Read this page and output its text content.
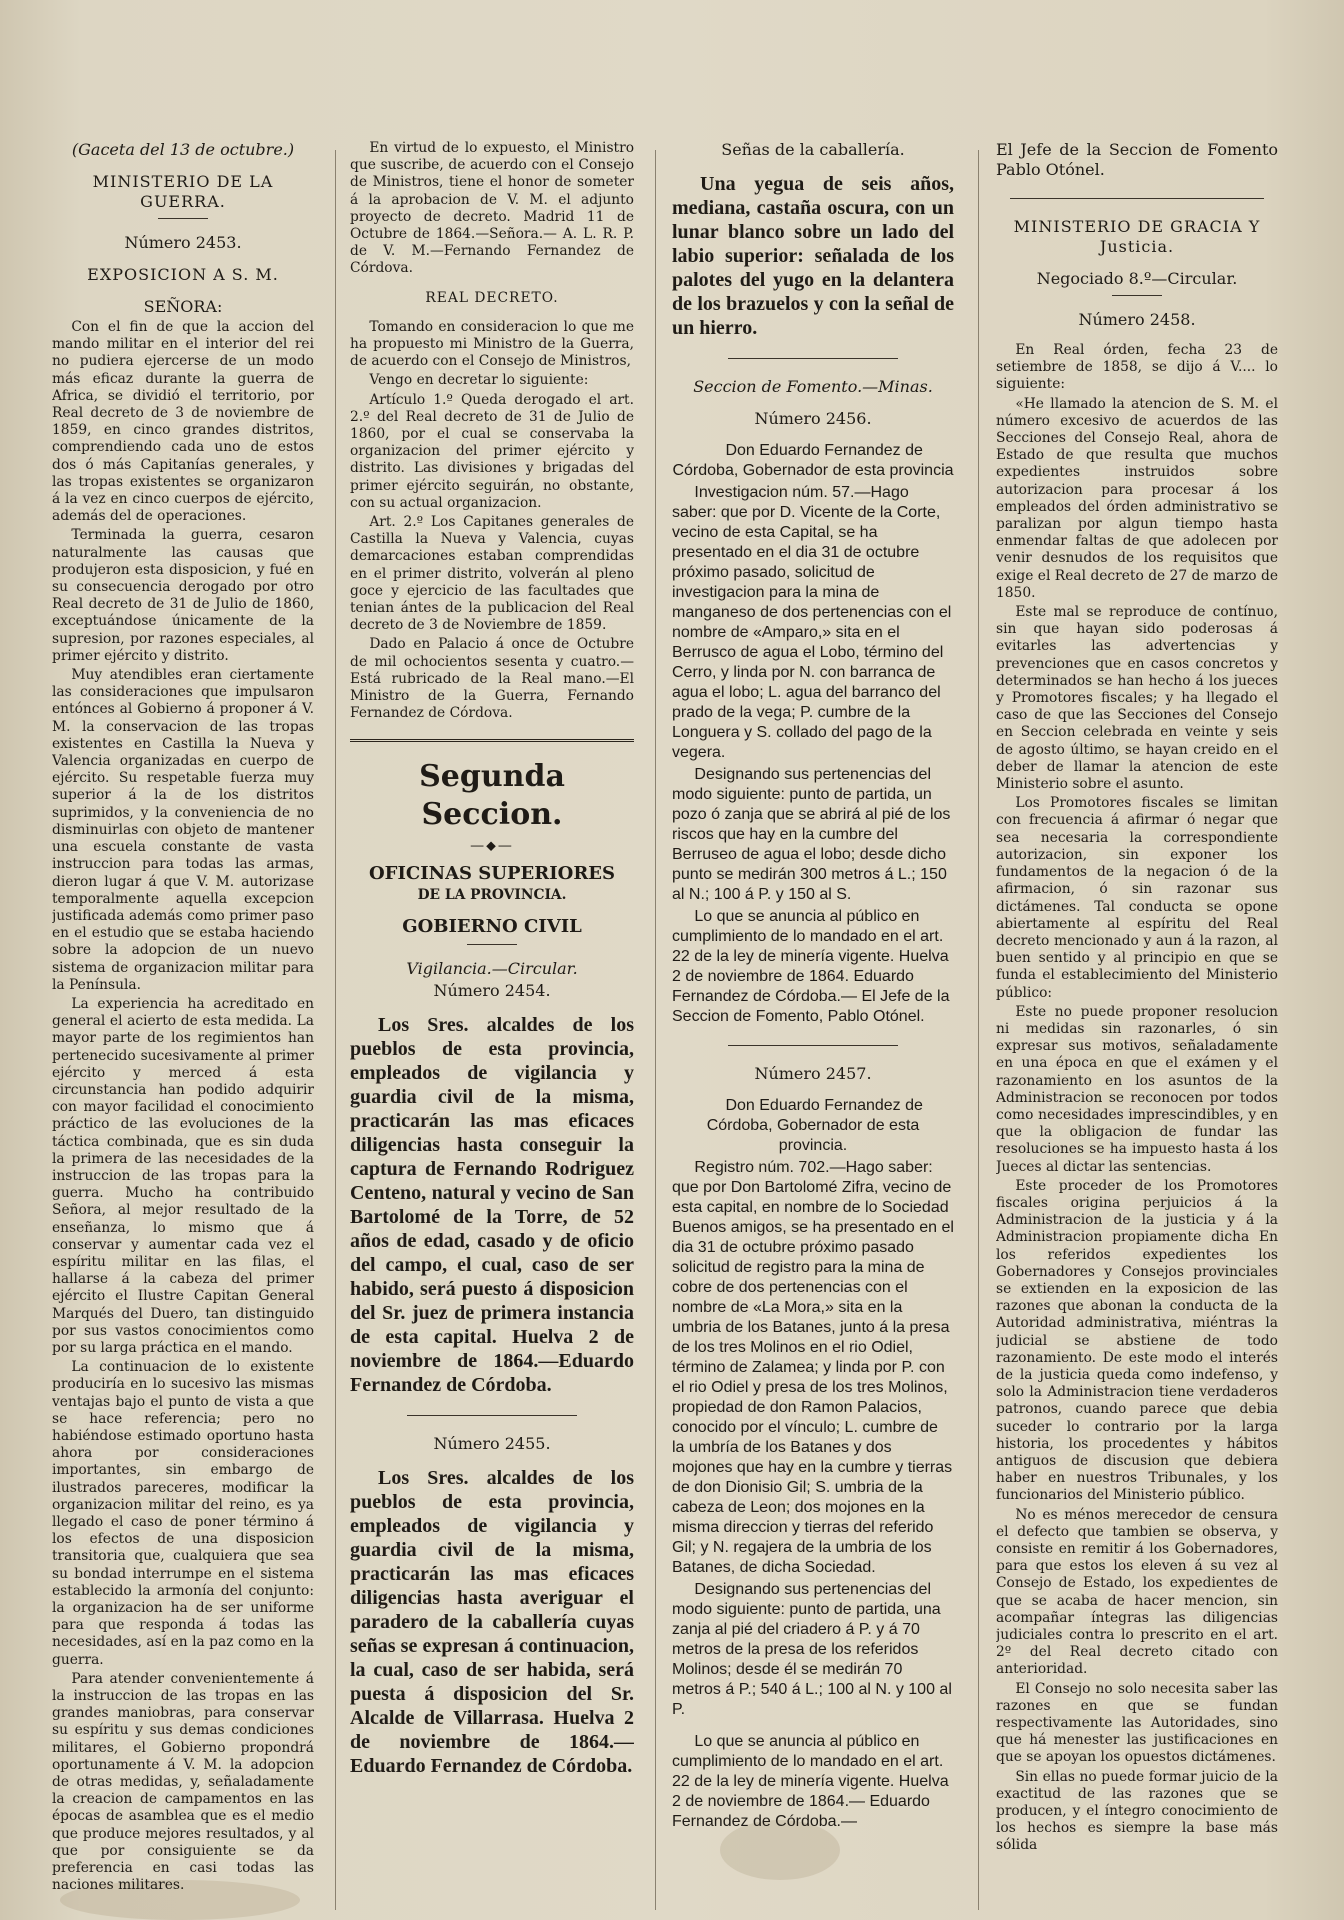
(Gaceta del 13 de octubre.)

MINISTERIO DE LA GUERRA.

Número 2453.

EXPOSICION A S. M.

SEÑORA:

Con el fin de que la accion del mando militar en el interior del rei no pudiera ejercerse de un modo más eficaz durante la guerra de Africa, se dividió el territorio, por Real decreto de 3 de noviembre de 1859, en cinco grandes distritos, comprendiendo cada uno de estos dos ó más Capitanías generales, y las tropas existentes se organizaron á la vez en cinco cuerpos de ejército, además del de operaciones.

Terminada la guerra, cesaron naturalmente las causas que produjeron esta disposicion, y fué en su consecuencia derogado por otro Real decreto de 31 de Julio de 1860, exceptuándose únicamente de la supresion, por razones especiales, al primer ejército y distrito.

Muy atendibles eran ciertamente las consideraciones que impulsaron entónces al Gobierno á proponer á V. M. la conservacion de las tropas existentes en Castilla la Nueva y Valencia organizadas en cuerpo de ejército. Su respetable fuerza muy superior á la de los distritos suprimidos, y la conveniencia de no disminuirlas con objeto de mantener una escuela constante de vasta instruccion para todas las armas, dieron lugar á que V. M. autorizase temporalmente aquella excepcion justificada además como primer paso en el estudio que se estaba haciendo sobre la adopcion de un nuevo sistema de organizacion militar para la Península.

La experiencia ha acreditado en general el acierto de esta medida. La mayor parte de los regimientos han pertenecido sucesivamente al primer ejército y merced á esta circunstancia han podido adquirir con mayor facilidad el conocimiento práctico de las evoluciones de la táctica combinada, que es sin duda la primera de las necesidades de la instruccion de las tropas para la guerra. Mucho ha contribuido Señora, al mejor resultado de la enseñanza, lo mismo que á conservar y aumentar cada vez el espíritu militar en las filas, el hallarse á la cabeza del primer ejército el Ilustre Capitan General Marqués del Duero, tan distinguido por sus vastos conocimientos como por su larga práctica en el mando.

La continuacion de lo existente produciría en lo sucesivo las mismas ventajas bajo el punto de vista a que se hace referencia; pero no habiéndose estimado oportuno hasta ahora por consideraciones importantes, sin embargo de ilustrados pareceres, modificar la organizacion militar del reino, es ya llegado el caso de poner término á los efectos de una disposicion transitoria que, cualquiera que sea su bondad interrumpe en el sistema establecido la armonía del conjunto: la organizacion ha de ser uniforme para que responda á todas las necesidades, así en la paz como en la guerra.

Para atender convenientemente á la instruccion de las tropas en las grandes maniobras, para conservar su espíritu y sus demas condiciones militares, el Gobierno propondrá oportunamente á V. M. la adopcion de otras medidas, y, señaladamente la creacion de campamentos en las épocas de asamblea que es el medio que produce mejores resultados, y al que por consiguiente se da preferencia en casi todas las naciones militares.

En virtud de lo expuesto, el Ministro que suscribe, de acuerdo con el Consejo de Ministros, tiene el honor de someter á la aprobacion de V. M. el adjunto proyecto de decreto. Madrid 11 de Octubre de 1864.—Señora.— A. L. R. P. de V. M.—Fernando Fernandez de Córdova.

REAL DECRETO.

Tomando en consideracion lo que me ha propuesto mi Ministro de la Guerra, de acuerdo con el Consejo de Ministros,

Vengo en decretar lo siguiente:

Artículo 1.º Queda derogado el art. 2.º del Real decreto de 31 de Julio de 1860, por el cual se conservaba la organizacion del primer ejército y distrito. Las divisiones y brigadas del primer ejército seguirán, no obstante, con su actual organizacion.

Art. 2.º Los Capitanes generales de Castilla la Nueva y Valencia, cuyas demarcaciones estaban comprendidas en el primer distrito, volverán al pleno goce y ejercicio de las facultades que tenian ántes de la publicacion del Real decreto de 3 de Noviembre de 1859.

Dado en Palacio á once de Octubre de mil ochocientos sesenta y cuatro.— Está rubricado de la Real mano.—El Ministro de la Guerra, Fernando Fernandez de Córdova.

Segunda Seccion.
—⬥—

OFICINAS SUPERIORES

DE LA PROVINCIA.

GOBIERNO CIVIL

Vigilancia.—Circular.

Número 2454.

Los Sres. alcaldes de los pueblos de esta provincia, empleados de vigilancia y guardia civil de la misma, practicarán las mas eficaces diligencias hasta conseguir la captura de Fernando Rodriguez Centeno, natural y vecino de San Bartolomé de la Torre, de 52 años de edad, casado y de oficio del campo, el cual, caso de ser habido, será puesto á disposicion del Sr. juez de primera instancia de esta capital. Huelva 2 de noviembre de 1864.—Eduardo Fernandez de Córdoba.

Número 2455.

Los Sres. alcaldes de los pueblos de esta provincia, empleados de vigilancia y guardia civil de la misma, practicarán las mas eficaces diligencias hasta averiguar el paradero de la caballería cuyas señas se expresan á continuacion, la cual, caso de ser habida, será puesta á disposicion del Sr. Alcalde de Villarrasa. Huelva 2 de noviembre de 1864.—Eduardo Fernandez de Córdoba.

Señas de la caballería.

Una yegua de seis años, mediana, castaña oscura, con un lunar blanco sobre un lado del labio superior: señalada de los palotes del yugo en la delantera de los brazuelos y con la señal de un hierro.

Seccion de Fomento.—Minas.

Número 2456.

Don Eduardo Fernandez de Córdoba, Gobernador de esta provincia

Investigacion núm. 57.—Hago saber: que por D. Vicente de la Corte, vecino de esta Capital, se ha presentado en el dia 31 de octubre próximo pasado, solicitud de investigacion para la mina de manganeso de dos pertenencias con el nombre de «Amparo,» sita en el Berrusco de agua el Lobo, término del Cerro, y linda por N. con barranca de agua el lobo; L. agua del barranco del prado de la vega; P. cumbre de la Longuera y S. collado del pago de la vegera.

Designando sus pertenencias del modo siguiente: punto de partida, un pozo ó zanja que se abrirá al pié de los riscos que hay en la cumbre del Berruseo de agua el lobo; desde dicho punto se medirán 300 metros á L.; 150 al N.; 100 á P. y 150 al S.

Lo que se anuncia al público en cumplimiento de lo mandado en el art. 22 de la ley de minería vigente. Huelva 2 de noviembre de 1864. Eduardo Fernandez de Córdoba.— El Jefe de la Seccion de Fomento, Pablo Otónel.

Número 2457.

Don Eduardo Fernandez de Córdoba, Gobernador de esta provincia.

Registro núm. 702.—Hago saber: que por Don Bartolomé Zifra, vecino de esta capital, en nombre de lo Sociedad Buenos amigos, se ha presentado en el dia 31 de octubre próximo pasado solicitud de registro para la mina de cobre de dos pertenencias con el nombre de «La Mora,» sita en la umbria de los Batanes, junto á la presa de los tres Molinos en el rio Odiel, término de Zalamea; y linda por P. con el rio Odiel y presa de los tres Molinos, propiedad de don Ramon Palacios, conocido por el vínculo; L. cumbre de la umbría de los Batanes y dos mojones que hay en la cumbre y tierras de don Dionisio Gil; S. umbria de la cabeza de Leon; dos mojones en la misma direccion y tierras del referido Gil; y N. regajera de la umbria de los Batanes, de dicha Sociedad.

Designando sus pertenencias del modo siguiente: punto de partida, una zanja al pié del criadero á P. y á 70 metros de la presa de los referidos Molinos; desde él se medirán 70 metros á P.; 540 á L.; 100 al N. y 100 al P.

Lo que se anuncia al público en cumplimiento de lo mandado en el art. 22 de la ley de minería vigente. Huelva 2 de noviembre de 1864.— Eduardo Fernandez de Córdoba.—

El Jefe de la Seccion de Fomento Pablo Otónel.

MINISTERIO DE GRACIA Y Justicia.

Negociado 8.º—Circular.

Número 2458.

En Real órden, fecha 23 de setiembre de 1858, se dijo á V.... lo siguiente:

«He llamado la atencion de S. M. el número excesivo de acuerdos de las Secciones del Consejo Real, ahora de Estado de que resulta que muchos expedientes instruidos sobre autorizacion para procesar á los empleados del órden administrativo se paralizan por algun tiempo hasta enmendar faltas de que adolecen por venir desnudos de los requisitos que exige el Real decreto de 27 de marzo de 1850.

Este mal se reproduce de contínuo, sin que hayan sido poderosas á evitarles las advertencias y prevenciones que en casos concretos y determinados se han hecho á los jueces y Promotores fiscales; y ha llegado el caso de que las Secciones del Consejo en Seccion celebrada en veinte y seis de agosto último, se hayan creido en el deber de llamar la atencion de este Ministerio sobre el asunto.

Los Promotores fiscales se limitan con frecuencia á afirmar ó negar que sea necesaria la correspondiente autorizacion, sin exponer los fundamentos de la negacion ó de la afirmacion, ó sin razonar sus dictámenes. Tal conducta se opone abiertamente al espíritu del Real decreto mencionado y aun á la razon, al buen sentido y al principio en que se funda el establecimiento del Ministerio público:

Este no puede proponer resolucion ni medidas sin razonarles, ó sin expresar sus motivos, señaladamente en una época en que el exámen y el razonamiento en los asuntos de la Administracion se reconocen por todos como necesidades imprescindibles, y en que la obligacion de fundar las resoluciones se ha impuesto hasta á los Jueces al dictar las sentencias.

Este proceder de los Promotores fiscales origina perjuicios á la Administracion de la justicia y á la Administracion propiamente dicha En los referidos expedientes los Gobernadores y Consejos provinciales se extienden en la exposicion de las razones que abonan la conducta de la Autoridad administrativa, miéntras la judicial se abstiene de todo razonamiento. De este modo el interés de la justicia queda como indefenso, y solo la Administracion tiene verdaderos patronos, cuando parece que debia suceder lo contrario por la larga historia, los procedentes y hábitos antiguos de discusion que debiera haber en nuestros Tribunales, y los funcionarios del Ministerio público.

No es ménos merecedor de censura el defecto que tambien se observa, y consiste en remitir á los Gobernadores, para que estos los eleven á su vez al Consejo de Estado, los expedientes de que se acaba de hacer mencion, sin acompañar íntegras las diligencias judiciales contra lo prescrito en el art. 2º del Real decreto citado con anterioridad.

El Consejo no solo necesita saber las razones en que se fundan respectivamente las Autoridades, sino que há menester las justificaciones en que se apoyan los opuestos dictámenes.

Sin ellas no puede formar juicio de la exactitud de las razones que se producen, y el íntegro conocimiento de los hechos es siempre la base más sólida
